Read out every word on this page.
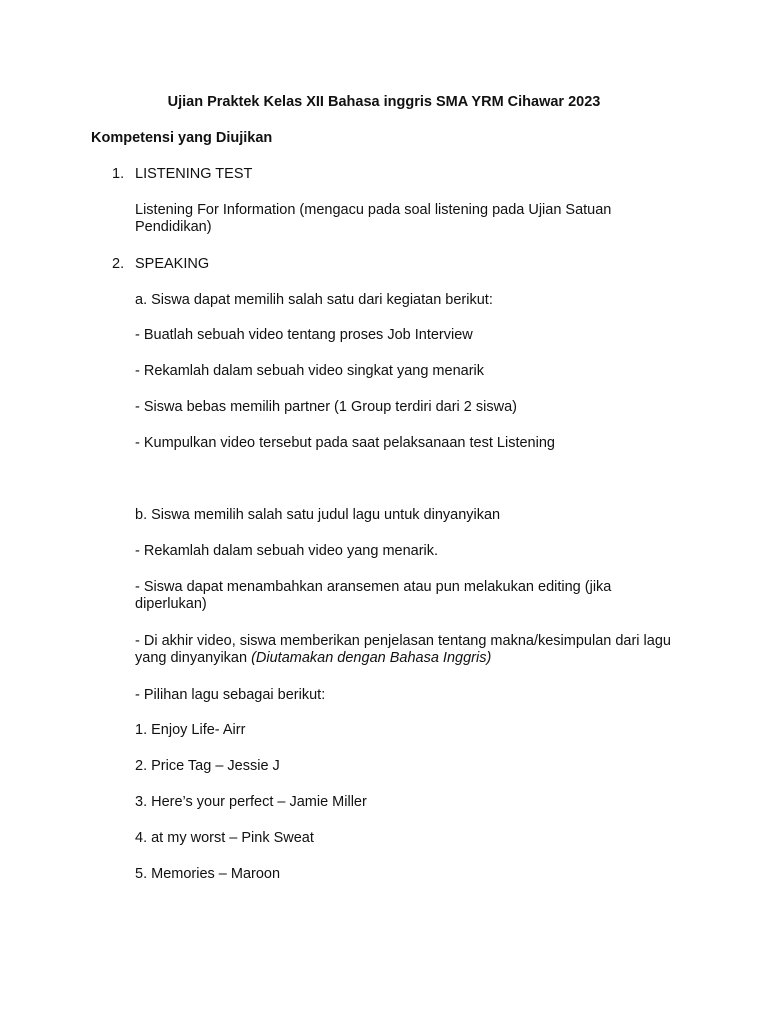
Ujian Praktek Kelas XII Bahasa inggris SMA YRM Cihawar 2023
Kompetensi yang Diujikan
1. LISTENING TEST
Listening For Information (mengacu pada soal listening pada Ujian Satuan Pendidikan)
2. SPEAKING
a. Siswa dapat memilih salah satu dari kegiatan berikut:
- Buatlah sebuah video tentang proses Job Interview
- Rekamlah dalam sebuah video singkat yang menarik
- Siswa bebas memilih partner (1 Group terdiri dari 2 siswa)
- Kumpulkan video tersebut pada saat pelaksanaan test Listening
b. Siswa memilih salah satu judul lagu untuk dinyanyikan
- Rekamlah dalam sebuah video yang menarik.
- Siswa dapat menambahkan aransemen atau pun melakukan editing (jika diperlukan)
- Di akhir video, siswa memberikan penjelasan tentang makna/kesimpulan dari lagu yang dinyanyikan (Diutamakan dengan Bahasa Inggris)
- Pilihan lagu sebagai berikut:
1. Enjoy Life- Airr
2. Price Tag – Jessie J
3. Here’s your perfect – Jamie Miller
4. at my worst – Pink Sweat
5. Memories – Maroon
